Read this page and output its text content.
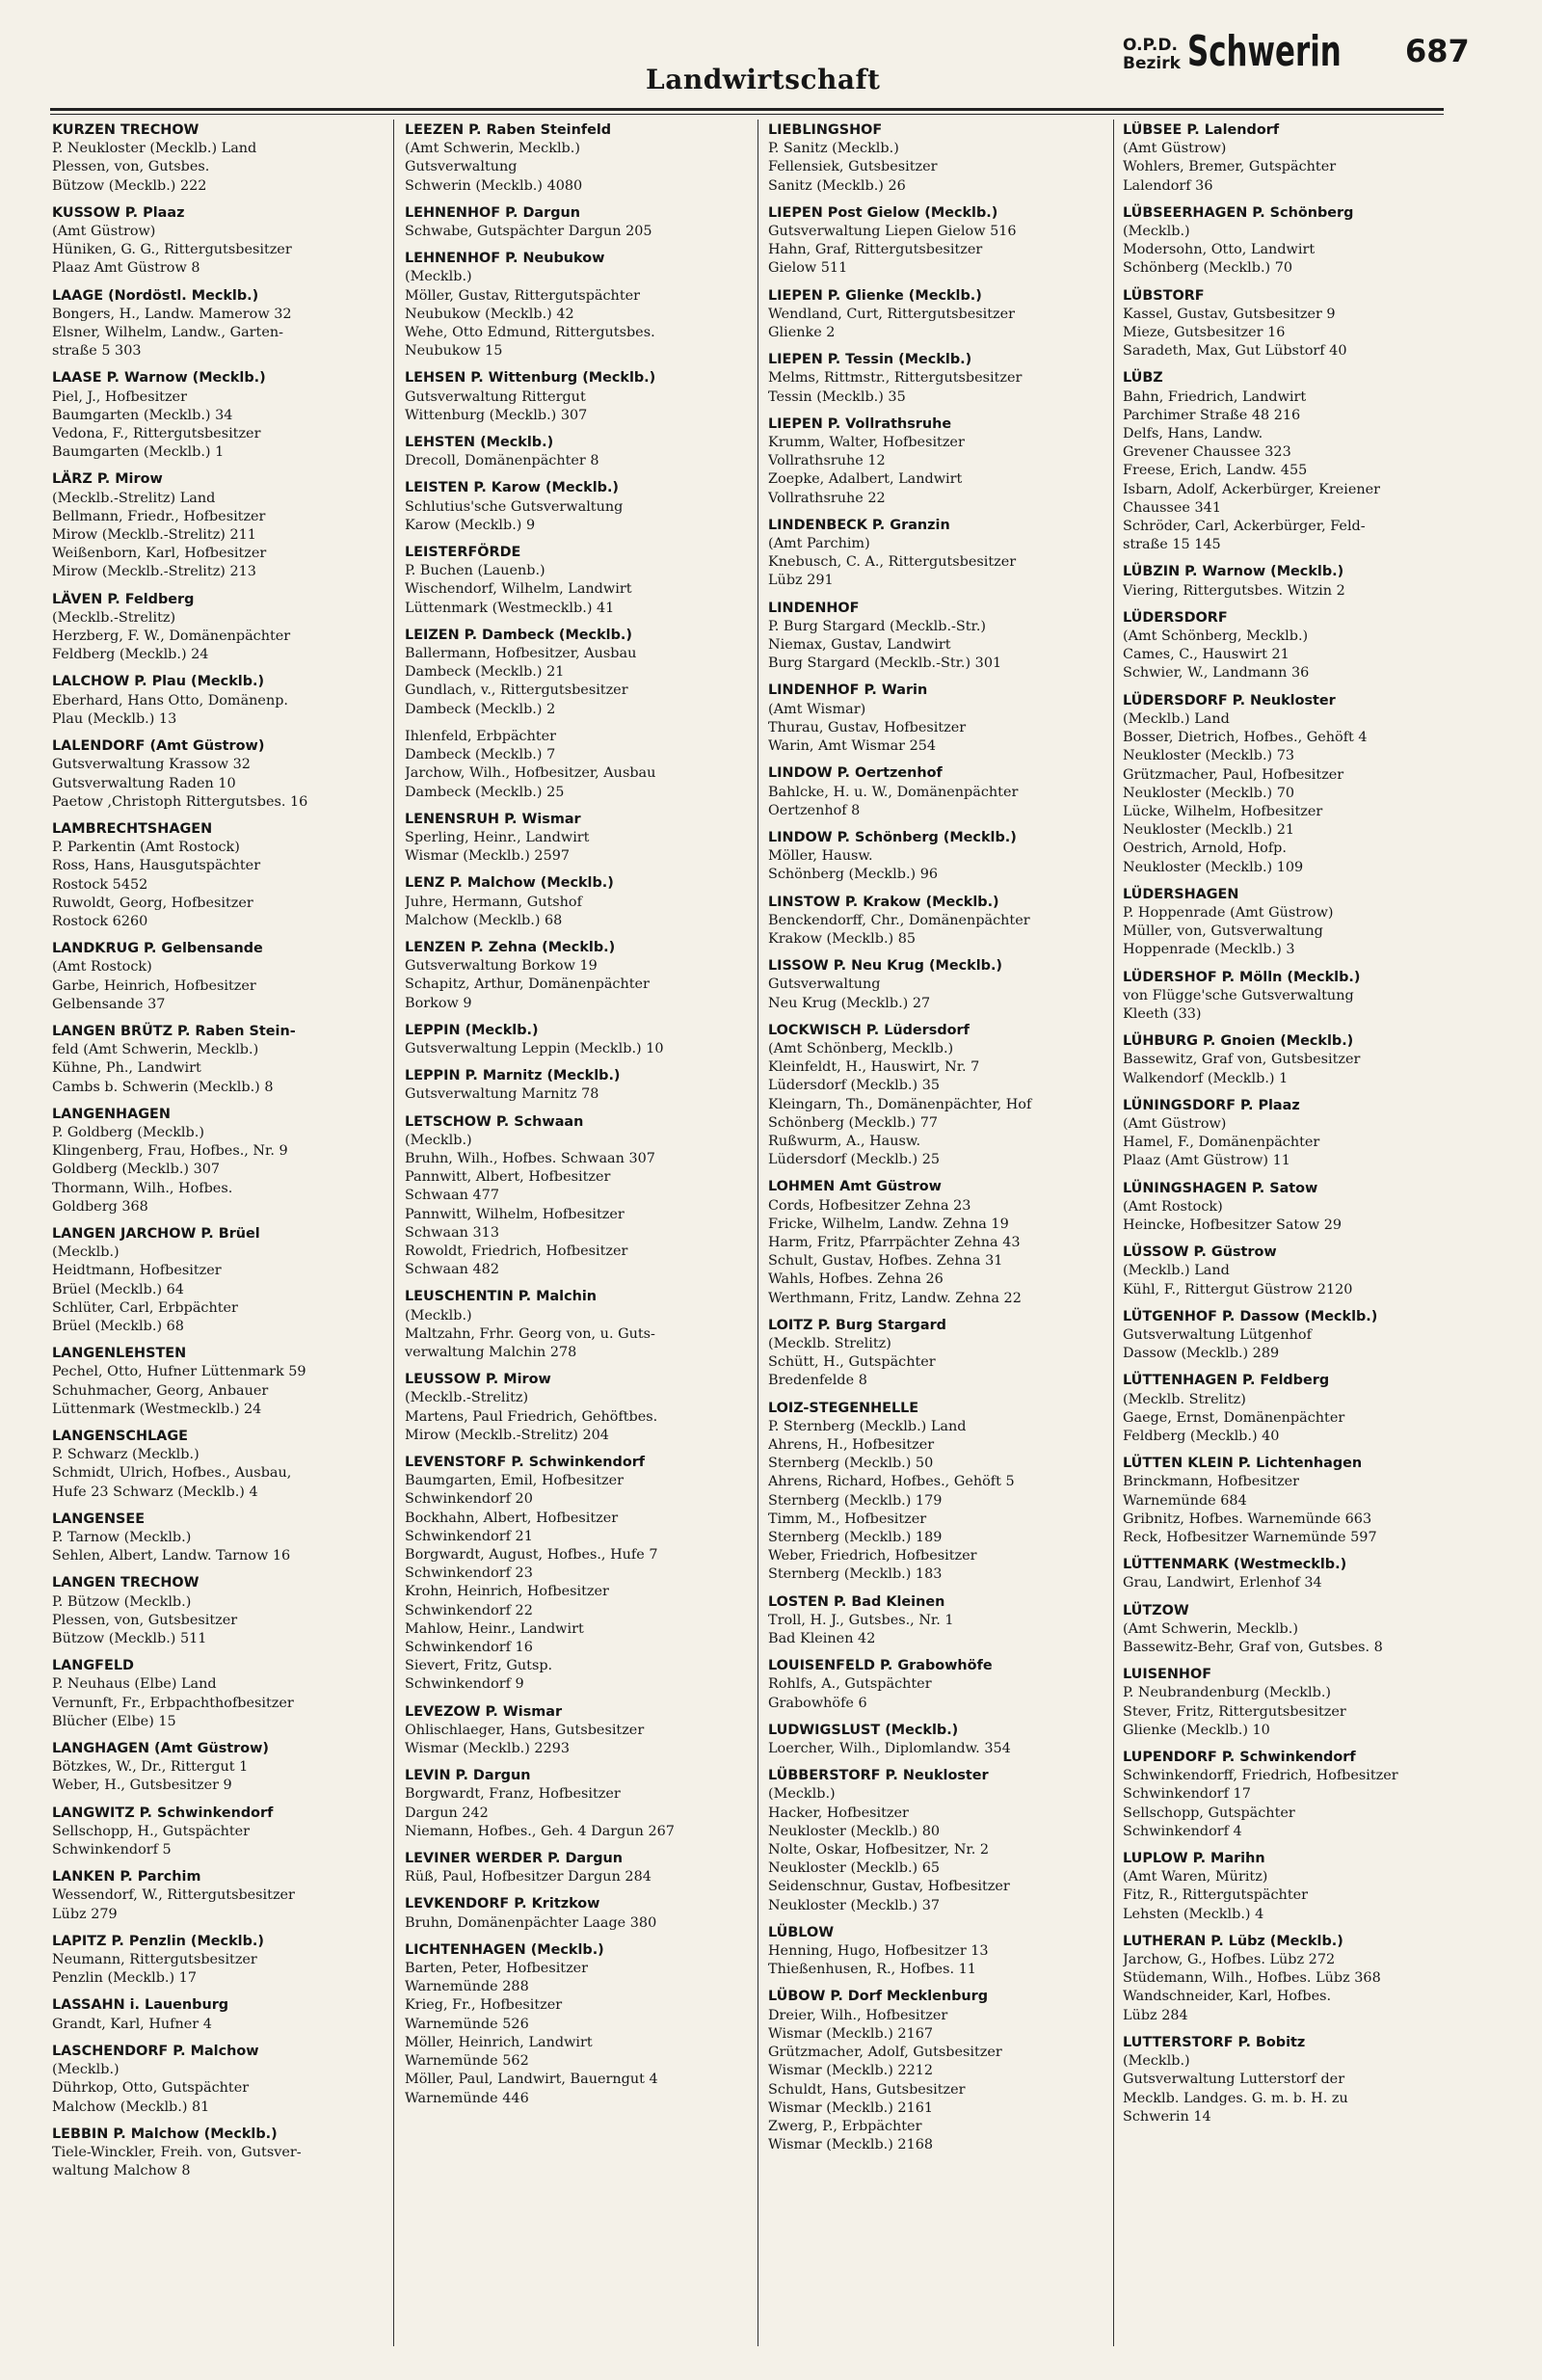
Landwirtschaft
O.P.D. Bezirk Schwerin 687
KURZEN TRECHOW
P. Neukloster (Mecklb.) Land
Plessen, von, Gutsbes.
Bützow (Mecklb.) 222
KUSSOW P. Plaaz
(Amt Güstrow)
Hüniken, G. G., Rittergutsbesitzer
Plaaz Amt Güstrow 8
LAAGE (Nordöstl. Mecklb.)
Bongers, H., Landw. Mamerow 32
Elsner, Wilhelm, Landw., Garten-
straße 5 303
LAASE P. Warnow (Mecklb.)
Piel, J., Hofbesitzer
Baumgarten (Mecklb.) 34
Vedona, F., Rittergutsbesitzer
Baumgarten (Mecklb.) 1
LÄRZ P. Mirow
(Mecklb.-Strelitz) Land
Bellmann, Friedr., Hofbesitzer
Mirow (Mecklb.-Strelitz) 211
Weißenborn, Karl, Hofbesitzer
Mirow (Mecklb.-Strelitz) 213
LÄVEN P. Feldberg
(Mecklb.-Strelitz)
Herzberg, F. W., Domänenpächter
Feldberg (Mecklb.) 24
LALCHOW P. Plau (Mecklb.)
Eberhard, Hans Otto, Domänenp.
Plau (Mecklb.) 13
LALENDORF (Amt Güstrow)
Gutsverwaltung Krassow 32
Gutsverwaltung Raden 10
Paetow ,Christoph Rittergutsbes. 16
LAMBRECHTSHAGEN
P. Parkentin (Amt Rostock)
Ross, Hans, Hausgutspächter
Rostock 5452
Ruwoldt, Georg, Hofbesitzer
Rostock 6260
LANDKRUG P. Gelbensande
(Amt Rostock)
Garbe, Heinrich, Hofbesitzer
Gelbensande 37
LANGEN BRÜTZ P. Raben Stein-
feld (Amt Schwerin, Mecklb.)
Kühne, Ph., Landwirt
Cambs b. Schwerin (Mecklb.) 8
LANGENHAGEN
P. Goldberg (Mecklb.)
Klingenberg, Frau, Hofbes., Nr. 9
Goldberg (Mecklb.) 307
Thormann, Wilh., Hofbes.
Goldberg 368
LANGEN JARCHOW P. Brüel
(Mecklb.)
Heidtmann, Hofbesitzer
Brüel (Mecklb.) 64
Schlüter, Carl, Erbpächter
Brüel (Mecklb.) 68
LANGENLEHSTEN
Pechel, Otto, Hufner Lüttenmark 59
Schuhmacher, Georg, Anbauer
Lüttenmark (Westmecklb.) 24
LANGENSCHLAGE
P. Schwarz (Mecklb.)
Schmidt, Ulrich, Hofbes., Ausbau,
Hufe 23 Schwarz (Mecklb.) 4
LANGENSEE
P. Tarnow (Mecklb.)
Sehlen, Albert, Landw. Tarnow 16
LANGEN TRECHOW
P. Bützow (Mecklb.)
Plessen, von, Gutsbesitzer
Bützow (Mecklb.) 511
LANGFELD
P. Neuhaus (Elbe) Land
Vernunft, Fr., Erbpachthofbesitzer
Blücher (Elbe) 15
LANGHAGEN (Amt Güstrow)
Bötzkes, W., Dr., Rittergut 1
Weber, H., Gutsbesitzer 9
LANGWITZ P. Schwinkendorf
Sellschopp, H., Gutspächter
Schwinkendorf 5
LANKEN P. Parchim
Wessendorf, W., Rittergutsbesitzer
Lübz 279
LAPITZ P. Penzlin (Mecklb.)
Neumann, Rittergutsbesitzer
Penzlin (Mecklb.) 17
LASSAHN i. Lauenburg
Grandt, Karl, Hufner 4
LASCHENDORF P. Malchow
(Mecklb.)
Dührkop, Otto, Gutspächter
Malchow (Mecklb.) 81
LEBBIN P. Malchow (Mecklb.)
Tiele-Winckler, Freih. von, Gutsver-
waltung Malchow 8
LEEZEN P. Raben Steinfeld
(Amt Schwerin, Mecklb.)
Gutsverwaltung
Schwerin (Mecklb.) 4080
LEHNENHOF P. Dargun
Schwabe, Gutspächter Dargun 205
LEHNENHOF P. Neubukow
(Mecklb.)
Möller, Gustav, Rittergutspächter
Neubukow (Mecklb.) 42
Wehe, Otto Edmund, Rittergutsbes.
Neubukow 15
LEHSEN P. Wittenburg (Mecklb.)
Gutsverwaltung Rittergut
Wittenburg (Mecklb.) 307
LEHSTEN (Mecklb.)
Drecoll, Domänenpächter 8
LEISTEN P. Karow (Mecklb.)
Schlutius'sche Gutsverwaltung
Karow (Mecklb.) 9
LEISTERFÖRDE
P. Buchen (Lauenb.)
Wischendorf, Wilhelm, Landwirt
Lüttenmark (Westmecklb.) 41
LEIZEN P. Dambeck (Mecklb.)
Ballermann, Hofbesitzer, Ausbau
Dambeck (Mecklb.) 21
Gundlach, v., Rittergutsbesitzer
Dambeck (Mecklb.) 2
Ihlenfeld, Erbpächter
Dambeck (Mecklb.) 7
Jarchow, Wilh., Hofbesitzer, Ausbau
Dambeck (Mecklb.) 25
LENENSRUH P. Wismar
Sperling, Heinr., Landwirt
Wismar (Mecklb.) 2597
LENZ P. Malchow (Mecklb.)
Juhre, Hermann, Gutshof
Malchow (Mecklb.) 68
LENZEN P. Zehna (Mecklb.)
Gutsverwaltung Borkow 19
Schapitz, Arthur, Domänenpächter
Borkow 9
LEPPIN (Mecklb.)
Gutsverwaltung Leppin (Mecklb.) 10
LEPPIN P. Marnitz (Mecklb.)
Gutsverwaltung Marnitz 78
LETSCHOW P. Schwaan
(Mecklb.)
Bruhn, Wilh., Hofbes. Schwaan 307
Pannwitt, Albert, Hofbesitzer
Schwaan 477
Pannwitt, Wilhelm, Hofbesitzer
Schwaan 313
Rowoldt, Friedrich, Hofbesitzer
Schwaan 482
LEUSCHENTIN P. Malchin
(Mecklb.)
Maltzahn, Frhr. Georg von, u. Guts-
verwaltung Malchin 278
LEUSSOW P. Mirow
(Mecklb.-Strelitz)
Martens, Paul Friedrich, Gehöftbes.
Mirow (Mecklb.-Strelitz) 204
LEVENSTORF P. Schwinkendorf
Baumgarten, Emil, Hofbesitzer
Schwinkendorf 20
Bockhahn, Albert, Hofbesitzer
Schwinkendorf 21
Borgwardt, August, Hofbes., Hufe 7
Schwinkendorf 23
Krohn, Heinrich, Hofbesitzer
Schwinkendorf 22
Mahlow, Heinr., Landwirt
Schwinkendorf 16
Sievert, Fritz, Gutsp.
Schwinkendorf 9
LEVEZOW P. Wismar
Ohlischlaeger, Hans, Gutsbesitzer
Wismar (Mecklb.) 2293
LEVIN P. Dargun
Borgwardt, Franz, Hofbesitzer
Dargun 242
Niemann, Hofbes., Geh. 4 Dargun 267
LEVINER WERDER P. Dargun
Rüß, Paul, Hofbesitzer Dargun 284
LEVKENDORF P. Kritzkow
Bruhn, Domänenpächter Laage 380
LICHTENHAGEN (Mecklb.)
Barten, Peter, Hofbesitzer
Warnemünde 288
Krieg, Fr., Hofbesitzer
Warnemünde 526
Möller, Heinrich, Landwirt
Warnemünde 562
Möller, Paul, Landwirt, Bauerngut 4
Warnemünde 446
LIEBLINGSHOF
P. Sanitz (Mecklb.)
Fellensiek, Gutsbesitzer
Sanitz (Mecklb.) 26
LIEPEN Post Gielow (Mecklb.)
Gutsverwaltung Liepen Gielow 516
Hahn, Graf, Rittergutsbesitzer
Gielow 511
LIEPEN P. Glienke (Mecklb.)
Wendland, Curt, Rittergutsbesitzer
Glienke 2
LIEPEN P. Tessin (Mecklb.)
Melms, Rittmstr., Rittergutsbesitzer
Tessin (Mecklb.) 35
LIEPEN P. Vollrathsruhe
Krumm, Walter, Hofbesitzer
Vollrathsruhe 12
Zoepke, Adalbert, Landwirt
Vollrathsruhe 22
LINDENBECK P. Granzin
(Amt Parchim)
Knebusch, C. A., Rittergutsbesitzer
Lübz 291
LINDENHOF
P. Burg Stargard (Mecklb.-Str.)
Niemax, Gustav, Landwirt
Burg Stargard (Mecklb.-Str.) 301
LINDENHOF P. Warin
(Amt Wismar)
Thurau, Gustav, Hofbesitzer
Warin, Amt Wismar 254
LINDOW P. Oertzenhof
Bahlcke, H. u. W., Domänenpächter
Oertzenhof 8
LINDOW P. Schönberg (Mecklb.)
Möller, Hausw.
Schönberg (Mecklb.) 96
LINSTOW P. Krakow (Mecklb.)
Benckendorff, Chr., Domänenpächter
Krakow (Mecklb.) 85
LISSOW P. Neu Krug (Mecklb.)
Gutsverwaltung
Neu Krug (Mecklb.) 27
LOCKWISCH P. Lüdersdorf
(Amt Schönberg, Mecklb.)
Kleinfeldt, H., Hauswirt, Nr. 7
Lüdersdorf (Mecklb.) 35
Kleingarn, Th., Domänenpächter, Hof
Schönberg (Mecklb.) 77
Rußwurm, A., Hausw.
Lüdersdorf (Mecklb.) 25
LOHMEN Amt Güstrow
Cords, Hofbesitzer Zehna 23
Fricke, Wilhelm, Landw. Zehna 19
Harm, Fritz, Pfarrpächter Zehna 43
Schult, Gustav, Hofbes. Zehna 31
Wahls, Hofbes. Zehna 26
Werthmann, Fritz, Landw. Zehna 22
LOITZ P. Burg Stargard
(Mecklb. Strelitz)
Schütt, H., Gutspächter
Bredenfelde 8
LOIZ-STEGENHELLE
P. Sternberg (Mecklb.) Land
Ahrens, H., Hofbesitzer
Sternberg (Mecklb.) 50
Ahrens, Richard, Hofbes., Gehöft 5
Sternberg (Mecklb.) 179
Timm, M., Hofbesitzer
Sternberg (Mecklb.) 189
Weber, Friedrich, Hofbesitzer
Sternberg (Mecklb.) 183
LOSTEN P. Bad Kleinen
Troll, H. J., Gutsbes., Nr. 1
Bad Kleinen 42
LOUISENFELD P. Grabowhöfe
Rohlfs, A., Gutspächter
Grabowhöfe 6
LUDWIGSLUST (Mecklb.)
Loercher, Wilh., Diplomlandw. 354
LÜBBERSTORF P. Neukloster
(Mecklb.)
Hacker, Hofbesitzer
Neukloster (Mecklb.) 80
Nolte, Oskar, Hofbesitzer, Nr. 2
Neukloster (Mecklb.) 65
Seidenschnur, Gustav, Hofbesitzer
Neukloster (Mecklb.) 37
LÜBLOW
Henning, Hugo, Hofbesitzer 13
Thießenhusen, R., Hofbes. 11
LÜBOW P. Dorf Mecklenburg
Dreier, Wilh., Hofbesitzer
Wismar (Mecklb.) 2167
Grützmacher, Adolf, Gutsbesitzer
Wismar (Mecklb.) 2212
Schuldt, Hans, Gutsbesitzer
Wismar (Mecklb.) 2161
Zwerg, P., Erbpächter
Wismar (Mecklb.) 2168
LÜBSEE P. Lalendorf
(Amt Güstrow)
Wohlers, Bremer, Gutspächter
Lalendorf 36
LÜBSEERHAGEN P. Schönberg
(Mecklb.)
Modersohn, Otto, Landwirt
Schönberg (Mecklb.) 70
LÜBSTORF
Kassel, Gustav, Gutsbesitzer 9
Mieze, Gutsbesitzer 16
Saradeth, Max, Gut Lübstorf 40
LÜBZ
Bahn, Friedrich, Landwirt
Parchimer Straße 48 216
Delfs, Hans, Landw.
Grevener Chaussee 323
Freese, Erich, Landw. 455
Isbarn, Adolf, Ackerbürger, Kreiener
Chaussee 341
Schröder, Carl, Ackerbürger, Feld-
straße 15 145
LÜBZIN P. Warnow (Mecklb.)
Viering, Rittergutsbes. Witzin 2
LÜDERSDORF
(Amt Schönberg, Mecklb.)
Cames, C., Hauswirt 21
Schwier, W., Landmann 36
LÜDERSDORF P. Neukloster
(Mecklb.) Land
Bosser, Dietrich, Hofbes., Gehöft 4
Neukloster (Mecklb.) 73
Grützmacher, Paul, Hofbesitzer
Neukloster (Mecklb.) 70
Lücke, Wilhelm, Hofbesitzer
Neukloster (Mecklb.) 21
Oestrich, Arnold, Hofp.
Neukloster (Mecklb.) 109
LÜDERSHAGEN
P. Hoppenrade (Amt Güstrow)
Müller, von, Gutsverwaltung
Hoppenrade (Mecklb.) 3
LÜDERSHOF P. Mölln (Mecklb.)
von Flügge'sche Gutsverwaltung
Kleeth (33)
LÜHBURG P. Gnoien (Mecklb.)
Bassewitz, Graf von, Gutsbesitzer
Walkendorf (Mecklb.) 1
LÜNINGSDORF P. Plaaz
(Amt Güstrow)
Hamel, F., Domänenpächter
Plaaz (Amt Güstrow) 11
LÜNINGSHAGEN P. Satow
(Amt Rostock)
Heincke, Hofbesitzer Satow 29
LÜSSOW P. Güstrow
(Mecklb.) Land
Kühl, F., Rittergut Güstrow 2120
LÜTGENHOF P. Dassow (Mecklb.)
Gutsverwaltung Lütgenhof
Dassow (Mecklb.) 289
LÜTTENHAGEN P. Feldberg
(Mecklb. Strelitz)
Gaege, Ernst, Domänenpächter
Feldberg (Mecklb.) 40
LÜTTEN KLEIN P. Lichtenhagen
Brinckmann, Hofbesitzer
Warnemünde 684
Gribnitz, Hofbes. Warnemünde 663
Reck, Hofbesitzer Warnemünde 597
LÜTTENMARK (Westmecklb.)
Grau, Landwirt, Erlenhof 34
LÜTZOW
(Amt Schwerin, Mecklb.)
Bassewitz-Behr, Graf von, Gutsbes. 8
LUISENHOF
P. Neubrandenburg (Mecklb.)
Stever, Fritz, Rittergutsbesitzer
Glienke (Mecklb.) 10
LUPENDORF P. Schwinkendorf
Schwinkendorff, Friedrich, Hofbesitzer
Schwinkendorf 17
Sellschopp, Gutspächter
Schwinkendorf 4
LUPLOW P. Marihn
(Amt Waren, Müritz)
Fitz, R., Rittergutspächter
Lehsten (Mecklb.) 4
LUTHERAN P. Lübz (Mecklb.)
Jarchow, G., Hofbes. Lübz 272
Stüdemann, Wilh., Hofbes. Lübz 368
Wandschneider, Karl, Hofbes.
Lübz 284
LUTTERSTORF P. Bobitz
(Mecklb.)
Gutsverwaltung Lutterstorf der
Mecklb. Landges. G. m. b. H. zu
Schwerin 14
